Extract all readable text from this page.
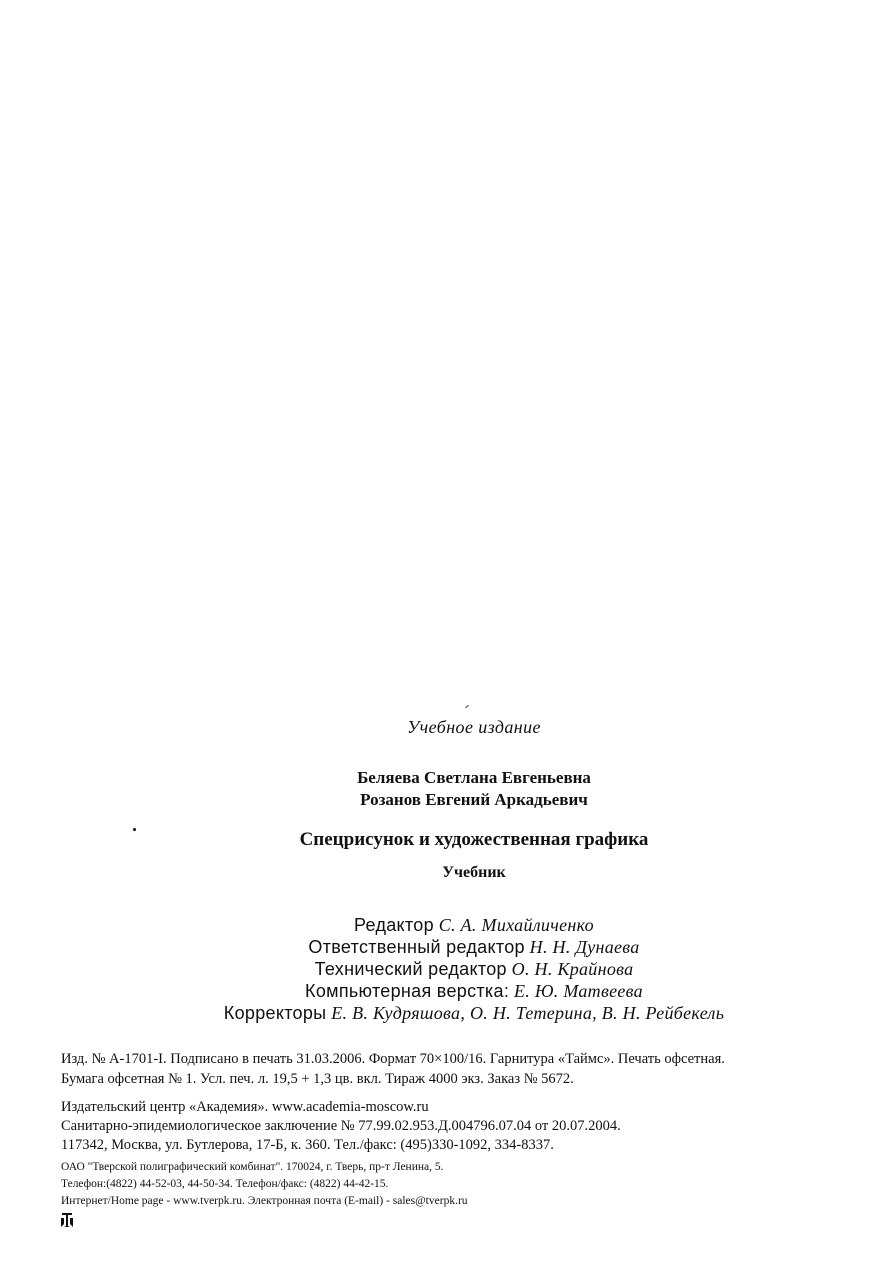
Учебное издание
Беляева Светлана Евгеньевна
Розанов Евгений Аркадьевич
Спецрисунок и художественная графика
Учебник
Редактор С. А. Михайличенко
Ответственный редактор Н. Н. Дунаева
Технический редактор О. Н. Крайнова
Компьютерная верстка: Е. Ю. Матвеева
Корректоры Е. В. Кудряшова, О. Н. Тетерина, В. Н. Рейбекель
Изд. № А-1701-I. Подписано в печать 31.03.2006. Формат 70×100/16. Гарнитура «Таймс». Печать офсетная.
Бумага офсетная № 1. Усл. печ. л. 19,5 + 1,3 цв. вкл. Тираж 4000 экз. Заказ № 5672.
Издательский центр «Академия». www.academia-moscow.ru
Санитарно-эпидемиологическое заключение № 77.99.02.953.Д.004796.07.04 от 20.07.2004.
117342, Москва, ул. Бутлерова, 17-Б, к. 360. Тел./факс: (495)330-1092, 334-8337.
ОАО "Тверской полиграфический комбинат". 170024, г. Тверь, пр-т Ленина, 5.
Телефон:(4822) 44-52-03, 44-50-34. Телефон/факс: (4822) 44-42-15.
Интернет/Home page - www.tverpk.ru. Электронная почта (E-mail) - sales@tverpk.ru
